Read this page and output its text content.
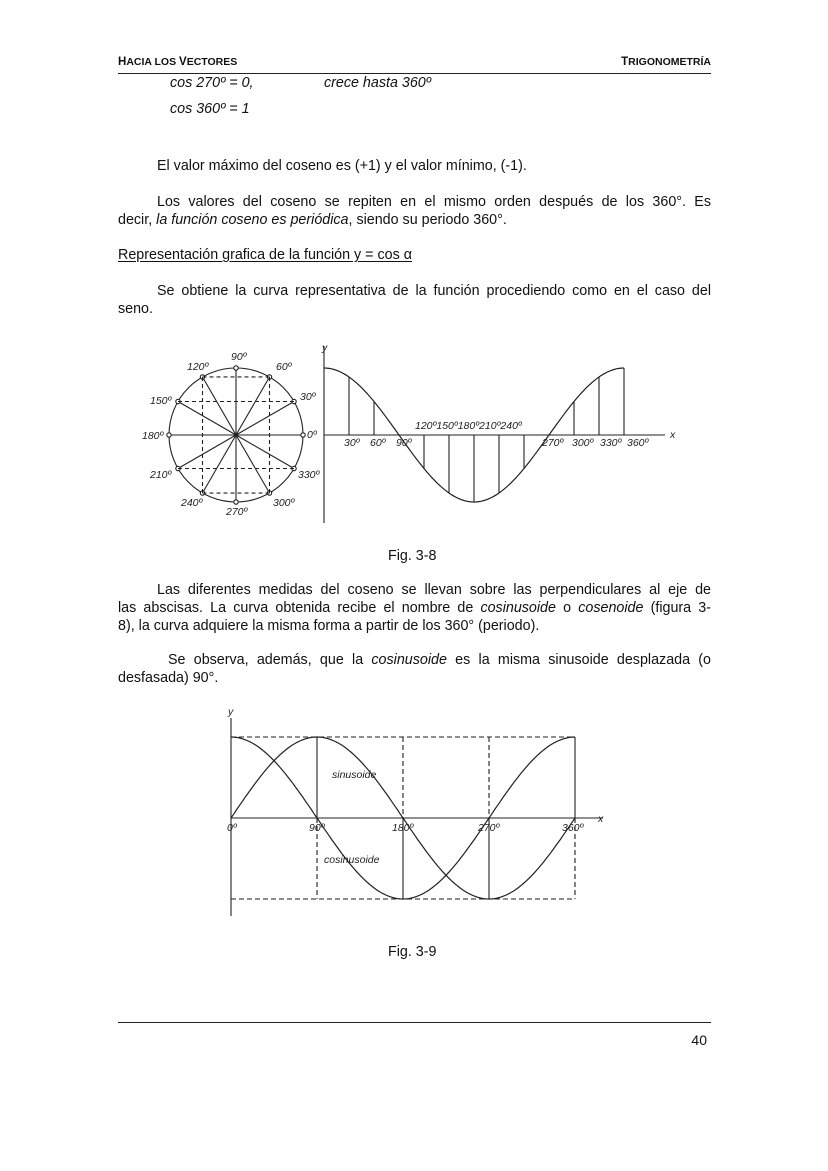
HACIA LOS VECTORES	TRIGONOMETRÍA
cos 270º = 0,	crece hasta 360º
cos 360º = 1
El valor máximo del coseno es (+1) y el valor mínimo, (-1).
Los valores del coseno se repiten en el mismo orden después de los 360°. Es
decir, la función coseno es periódica, siendo su periodo 360°.
Representación grafica de la función y = cos α
Se obtiene la curva representativa de la función procediendo como en el caso del
seno.
90º
60º
30º
0º
330º
300º
270º
240º
210º
180º
150º
120º
y
x
30º 60º 90º
120º150º180º210º240º
270º 300º 330º 360º
Fig. 3-8
Las diferentes medidas del coseno se llevan sobre las perpendiculares al eje de
las abscisas. La curva obtenida recibe el nombre de cosinusoide o cosenoide (figura 3-
8), la curva adquiere la misma forma a partir de los 360° (periodo).
Se observa, además, que la cosinusoide es la misma sinusoide desplazada (o
desfasada) 90°.
y
x
0º	90º	180º	270º	360º
sinusoide
cosinusoide
Fig. 3-9
40
